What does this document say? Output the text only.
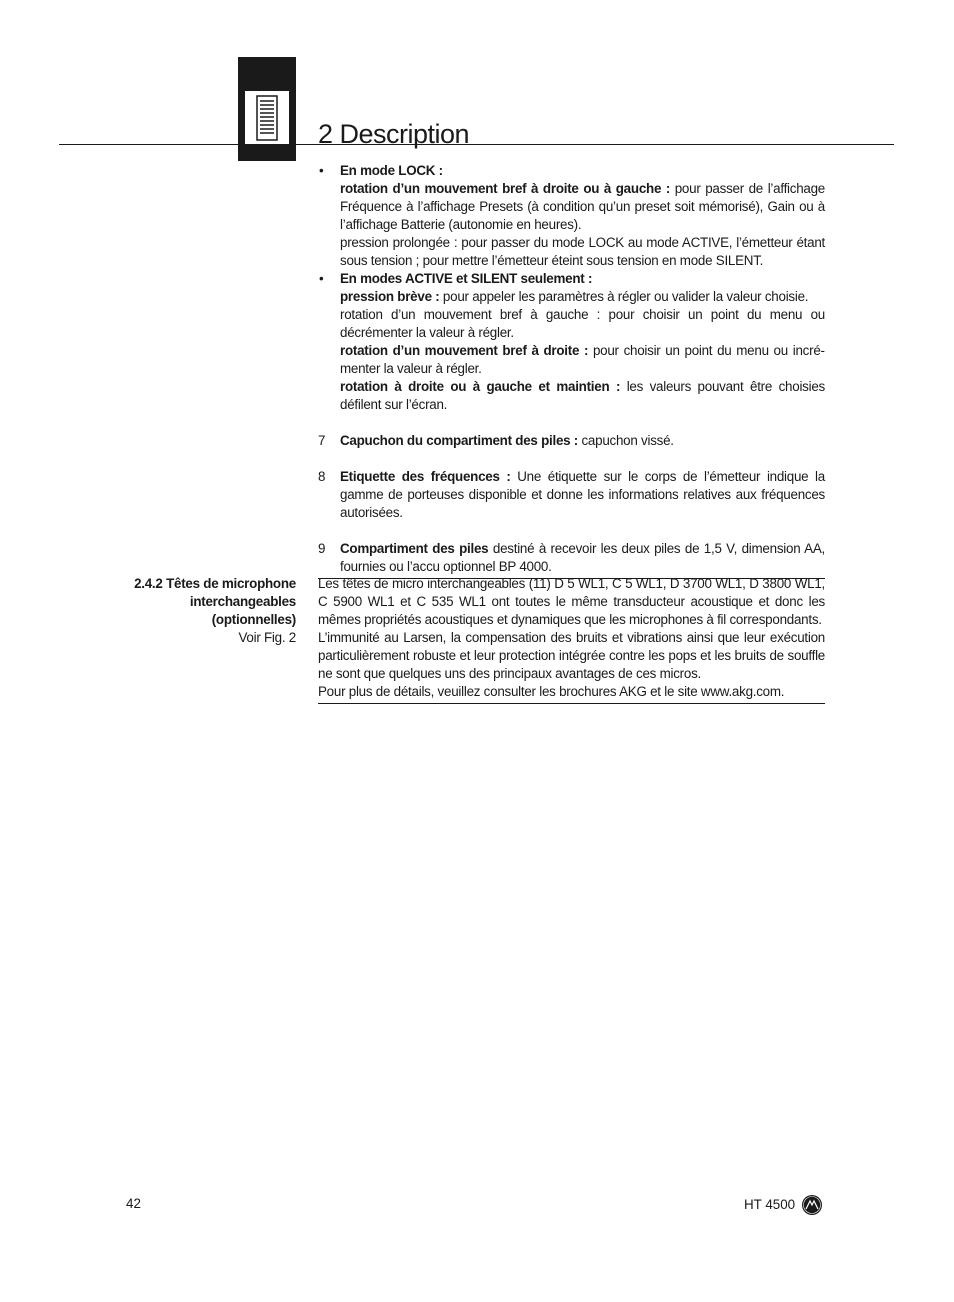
2 Description
• En mode LOCK :

rotation d’un mouvement bref à droite ou à gauche : pour passer de l’affichage Fréquence à l’affichage Presets (à condition qu’un preset soit mémorisé), Gain ou à l’affichage Batterie (autonomie en heures).

pression prolongée : pour passer du mode LOCK au mode ACTIVE, l’émetteur étant sous tension ; pour mettre l’émetteur éteint sous tension en mode SILENT.

• En modes ACTIVE et SILENT seulement :

pression brève : pour appeler les paramètres à régler ou valider la valeur choisie.

rotation d’un mouvement bref à gauche : pour choisir un point du menu ou décrémenter la valeur à régler.

rotation d’un mouvement bref à droite : pour choisir un point du menu ou incrémenter la valeur à régler.

rotation à droite ou à gauche et maintien : les valeurs pouvant être choisies défilent sur l’écran.

7 Capuchon du compartiment des piles : capuchon vissé.

8 Etiquette des fréquences : Une étiquette sur le corps de l’émetteur indique la gamme de porteuses disponible et donne les informations relatives aux fréquences autorisées.

9 Compartiment des piles destiné à recevoir les deux piles de 1,5 V, dimension AA, fournies ou l’accu optionnel BP 4000.

2.4.2 Têtes de microphone
interchangeables
(optionnelles)
Voir Fig. 2

Les têtes de micro interchangeables (11) D 5 WL1, C 5 WL1, D 3700 WL1, D 3800 WL1, C 5900 WL1 et C 535 WL1 ont toutes le même transducteur acoustique et donc les mêmes propriétés acoustiques et dynamiques que les microphones à fil correspondants.

L’immunité au Larsen, la compensation des bruits et vibrations ainsi que leur exécution particulièrement robuste et leur protection intégrée contre les pops et les bruits de souffle ne sont que quelques uns des principaux avantages de ces micros.

Pour plus de détails, veuillez consulter les brochures AKG et le site www.akg.com.

42	HT 4500
